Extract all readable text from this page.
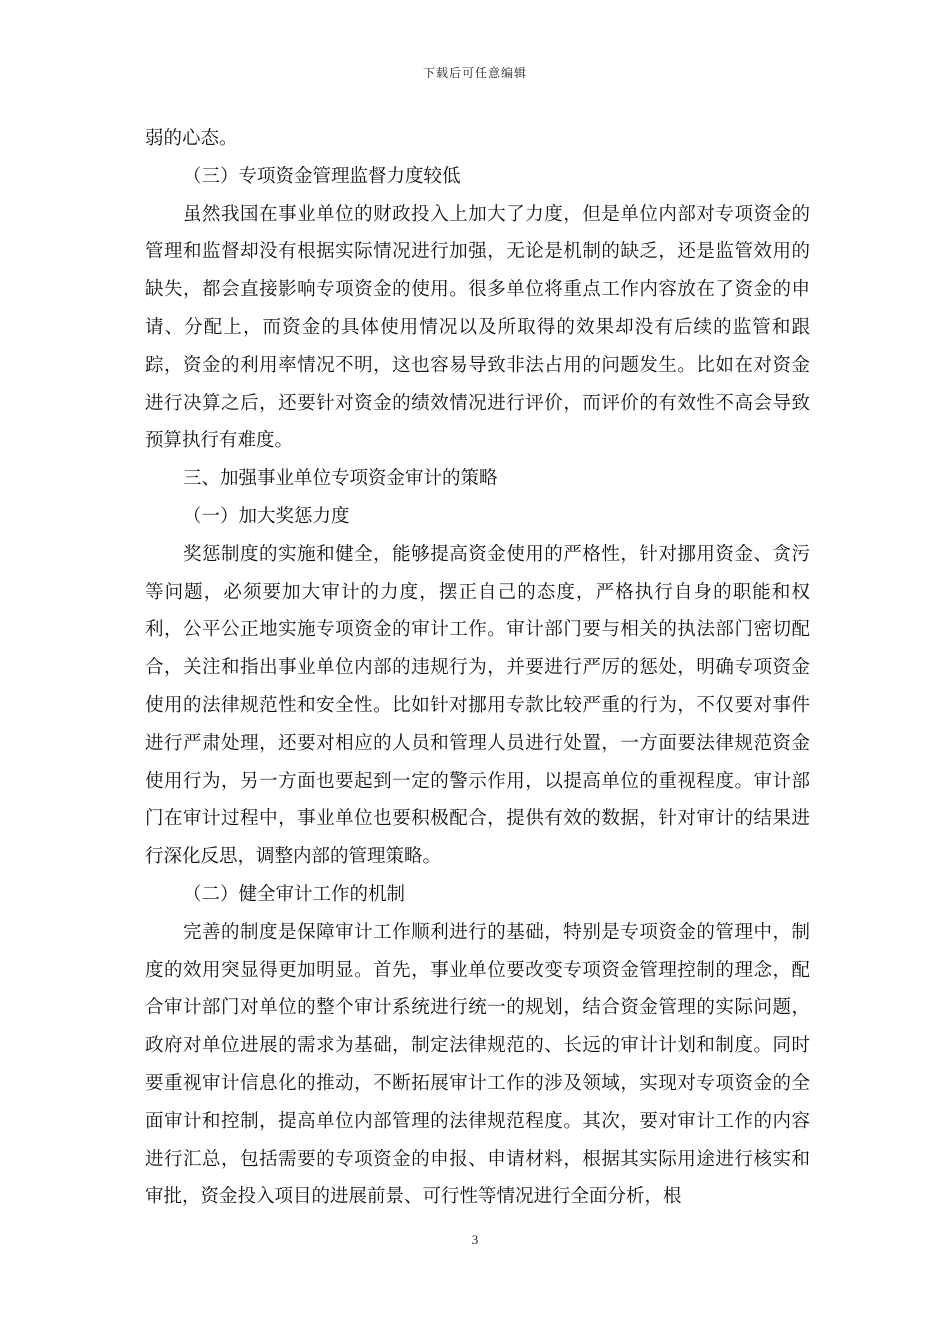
下载后可任意编辑

弱的心态。

（三）专项资金管理监督力度较低

虽然我国在事业单位的财政投入上加大了力度，但是单位内部对专项资金的管理和监督却没有根据实际情况进行加强，无论是机制的缺乏，还是监管效用的缺失，都会直接影响专项资金的使用。很多单位将重点工作内容放在了资金的申请、分配上，而资金的具体使用情况以及所取得的效果却没有后续的监管和跟踪，资金的利用率情况不明，这也容易导致非法占用的问题发生。比如在对资金进行决算之后，还要针对资金的绩效情况进行评价，而评价的有效性不高会导致预算执行有难度。

三、加强事业单位专项资金审计的策略

（一）加大奖惩力度

奖惩制度的实施和健全，能够提高资金使用的严格性，针对挪用资金、贪污等问题，必须要加大审计的力度，摆正自己的态度，严格执行自身的职能和权利，公平公正地实施专项资金的审计工作。审计部门要与相关的执法部门密切配合，关注和指出事业单位内部的违规行为，并要进行严厉的惩处，明确专项资金使用的法律规范性和安全性。比如针对挪用专款比较严重的行为，不仅要对事件进行严肃处理，还要对相应的人员和管理人员进行处置，一方面要法律规范资金使用行为，另一方面也要起到一定的警示作用，以提高单位的重视程度。审计部门在审计过程中，事业单位也要积极配合，提供有效的数据，针对审计的结果进行深化反思，调整内部的管理策略。

（二）健全审计工作的机制

完善的制度是保障审计工作顺利进行的基础，特别是专项资金的管理中，制度的效用突显得更加明显。首先，事业单位要改变专项资金管理控制的理念，配合审计部门对单位的整个审计系统进行统一的规划，结合资金管理的实际问题，政府对单位进展的需求为基础，制定法律规范的、长远的审计计划和制度。同时要重视审计信息化的推动，不断拓展审计工作的涉及领域，实现对专项资金的全面审计和控制，提高单位内部管理的法律规范程度。其次，要对审计工作的内容进行汇总，包括需要的专项资金的申报、申请材料，根据其实际用途进行核实和审批，资金投入项目的进展前景、可行性等情况进行全面分析，根

3
